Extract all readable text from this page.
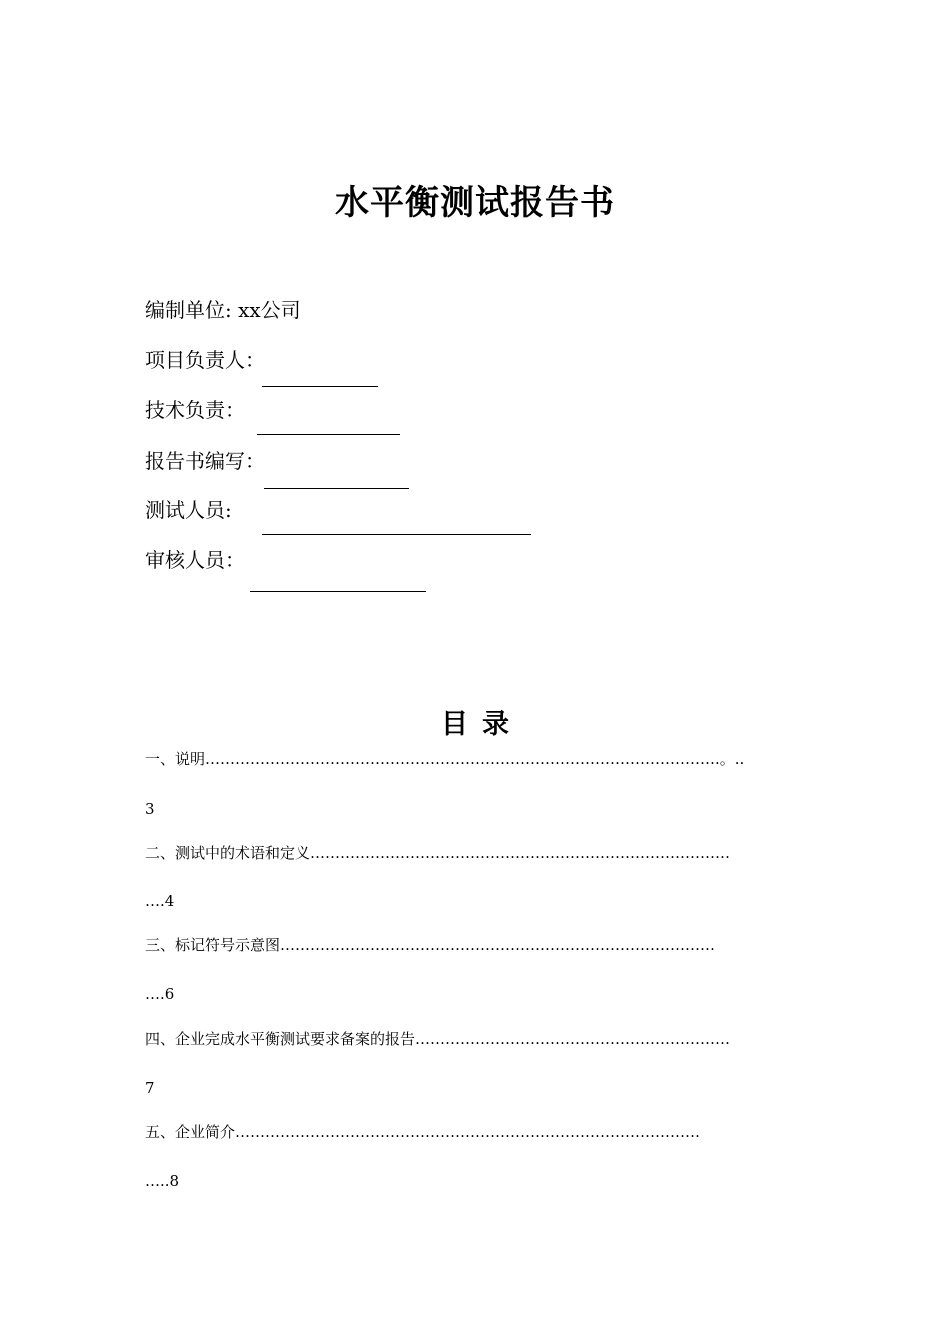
水平衡测试报告书
编制单位: xx公司
项目负责人：
技术负责：
报告书编写：
测试人员:
审核人员：
目录
一、说明………………………………………………………………………………………….。..
3
二、测试中的术语和定义…………………………………………………………………………
….4
三、标记符号示意图……………………………………………………………………………
….6
四、企业完成水平衡测试要求备案的报告………………………………………………………
7
五、企业简介…………………………………………………………………………………
…..8
